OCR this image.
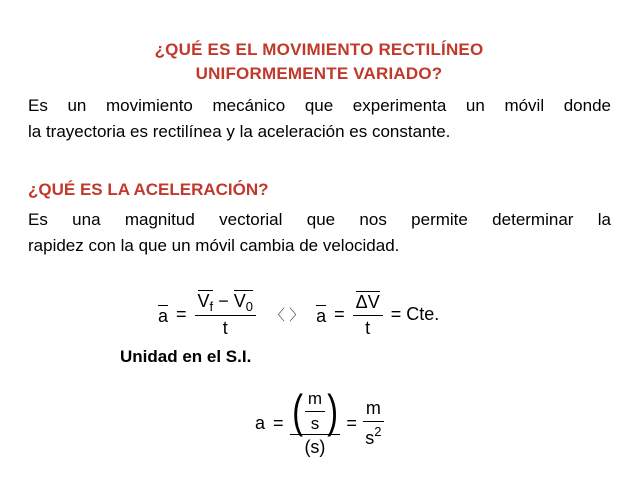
¿QUÉ ES EL MOVIMIENTO RECTILÍNEO
UNIFORMEMENTE VARIADO?
Es un movimiento mecánico que experimenta un móvil donde
la trayectoria es rectilínea y la aceleración es constante.
¿QUÉ ES LA ACELERACIÓN?
Es una magnitud vectorial que nos permite determinar la
rapidez con la que un móvil cambia de velocidad.
$a = \frac{V_f - V_0}{t}$ 〈 〉 $a = \frac{\Delta V}{t}$ = Cte.
Unidad en el S.I.
$a = \frac{( \frac{m}{s} )}{(s)} = \frac{m}{s^2}$
